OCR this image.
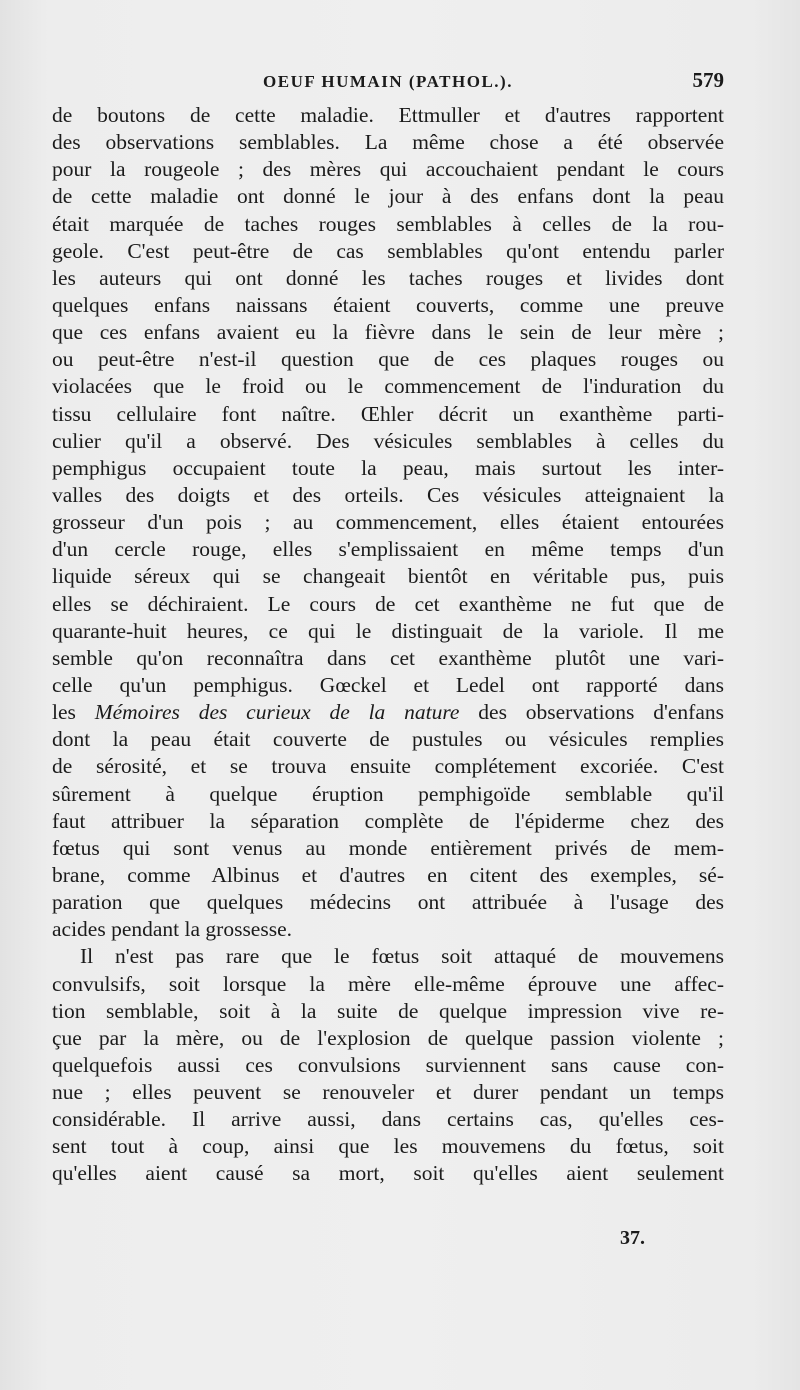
OEUF HUMAIN (PATHOL.).	579
de boutons de cette maladie. Ettmuller et d'autres rapportent
des observations semblables. La même chose a été observée
pour la rougeole ; des mères qui accouchaient pendant le cours
de cette maladie ont donné le jour à des enfans dont la peau
était marquée de taches rouges semblables à celles de la rou-
geole. C'est peut-être de cas semblables qu'ont entendu parler
les auteurs qui ont donné les taches rouges et livides dont
quelques enfans naissans étaient couverts, comme une preuve
que ces enfans avaient eu la fièvre dans le sein de leur mère ;
ou peut-être n'est-il question que de ces plaques rouges ou
violacées que le froid ou le commencement de l'induration du
tissu cellulaire font naître. Œhler décrit un exanthème parti-
culier qu'il a observé. Des vésicules semblables à celles du
pemphigus occupaient toute la peau, mais surtout les inter-
valles des doigts et des orteils. Ces vésicules atteignaient la
grosseur d'un pois ; au commencement, elles étaient entourées
d'un cercle rouge, elles s'emplissaient en même temps d'un
liquide séreux qui se changeait bientôt en véritable pus, puis
elles se déchiraient. Le cours de cet exanthème ne fut que de
quarante-huit heures, ce qui le distinguait de la variole. Il me
semble qu'on reconnaîtra dans cet exanthème plutôt une vari-
celle qu'un pemphigus. Gœckel et Ledel ont rapporté dans
les Mémoires des curieux de la nature des observations d'enfans
dont la peau était couverte de pustules ou vésicules remplies
de sérosité, et se trouva ensuite complétement excoriée. C'est
sûrement à quelque éruption pemphigoïde semblable qu'il
faut attribuer la séparation complète de l'épiderme chez des
fœtus qui sont venus au monde entièrement privés de mem-
brane, comme Albinus et d'autres en citent des exemples, sé-
paration que quelques médecins ont attribuée à l'usage des
acides pendant la grossesse.
Il n'est pas rare que le fœtus soit attaqué de mouvemens
convulsifs, soit lorsque la mère elle-même éprouve une affec-
tion semblable, soit à la suite de quelque impression vive re-
çue par la mère, ou de l'explosion de quelque passion violente ;
quelquefois aussi ces convulsions surviennent sans cause con-
nue ; elles peuvent se renouveler et durer pendant un temps
considérable. Il arrive aussi, dans certains cas, qu'elles ces-
sent tout à coup, ainsi que les mouvemens du fœtus, soit
qu'elles aient causé sa mort, soit qu'elles aient seulement
37.
